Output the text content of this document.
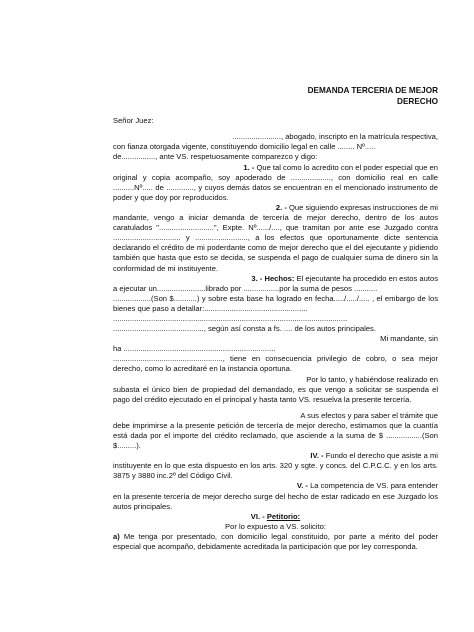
DEMANDA TERCERIA DE MEJOR
DERECHO

Señor Juez:

......................., abogado, inscripto en la matrícula respectiva,

con fianza otorgada vigente, constituyendo domicilio legal en calle ........ Nº.....

de................, ante VS. respetuosamente comparezco y digo:

1. - Que tal como lo acredito con el poder especial que en

original y copia acompaño, soy apoderado de ..................., con domicilio real en calle ..........Nº..... de ............., y cuyos demás datos se encuentran en el mencionado instrumento de poder y que doy por reproducidos.

2. - Que siguiendo expresas instrucciones de mi

mandante, vengo a iniciar demanda de tercería de mejor derecho, dentro de los autos caratulados "..........................", Expte. Nº....../...., que tramitan por ante ese Juzgado contra ................................ y ........................., a los efectos que oportunamente dicte sentencia declarando el crédito de mi poderdante como de mejor derecho que el del ejecutante y pidiendo también que hasta que esto se decida, se suspenda el pago de cualquier suma de dinero sin la conformidad de mi instituyente.

3. - Hechos: El ejecutante ha procedido en estos autos

a ejecutar un.......................librado por .................por la suma de pesos ...........

..................(Son $...........) y sobre esta base ha logrado en fecha...../...../..... , el embargo de los bienes que paso a detallar:.................................................

...............................................................................................................

..........................................., según así consta a fs. .... de los autos principales.

Mi mandante, sin

ha ........................................................................

...................................................., tiene en consecuencia privilegio de cobro, o sea mejor derecho, como lo acreditaré en la instancia oportuna.

Por lo tanto, y habiéndose realizado en

subasta el único bien de propiedad del demandado, es que vengo a solicitar se suspenda el pago del crédito ejecutado en el principal y hasta tanto VS. resuelva la presente tercería.

A sus efectos y para saber el trámite que

debe imprimirse a la presente petición de tercería de mejor derecho, estimamos que la cuantía está dada por el importe del crédito reclamado, que asciende a la suma de $ .................(Son $.........).

IV. - Fundo el derecho que asiste a mi

instituyente en lo que esta dispuesto en los arts. 320 y sgte. y concs. del C.P.C.C. y en los arts. 3875 y 3880 inc.2º del Código Civil.

V. - La competencia de VS. para entender

en la presente tercería de mejor derecho surge del hecho de estar radicado en ese Juzgado los autos principales.

VI. - Petitorio:

Por lo expuesto a VS. solicito:

a) Me tenga por presentado, con domicilio legal constituido, por parte a mérito del poder especial que acompaño, debidamente acreditada la participación que por ley corresponda.
